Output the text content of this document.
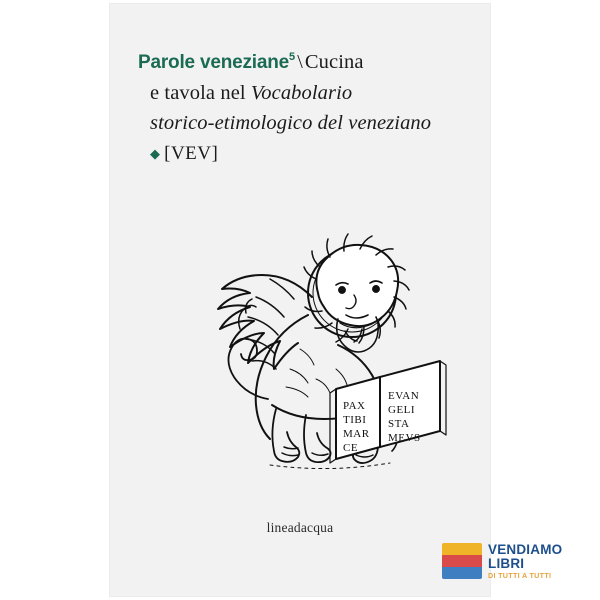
Parole veneziane$^5$ \Cucina
e tavola nel Vocabolario
storico-etimologico del veneziano
◆ [VEV]
PAX
TIBI
MAR
CE
EVAN
GELI
STA
MEVS
lineadacqua
VENDIAMO
LIBRI
DI TUTTI A TUTTI
